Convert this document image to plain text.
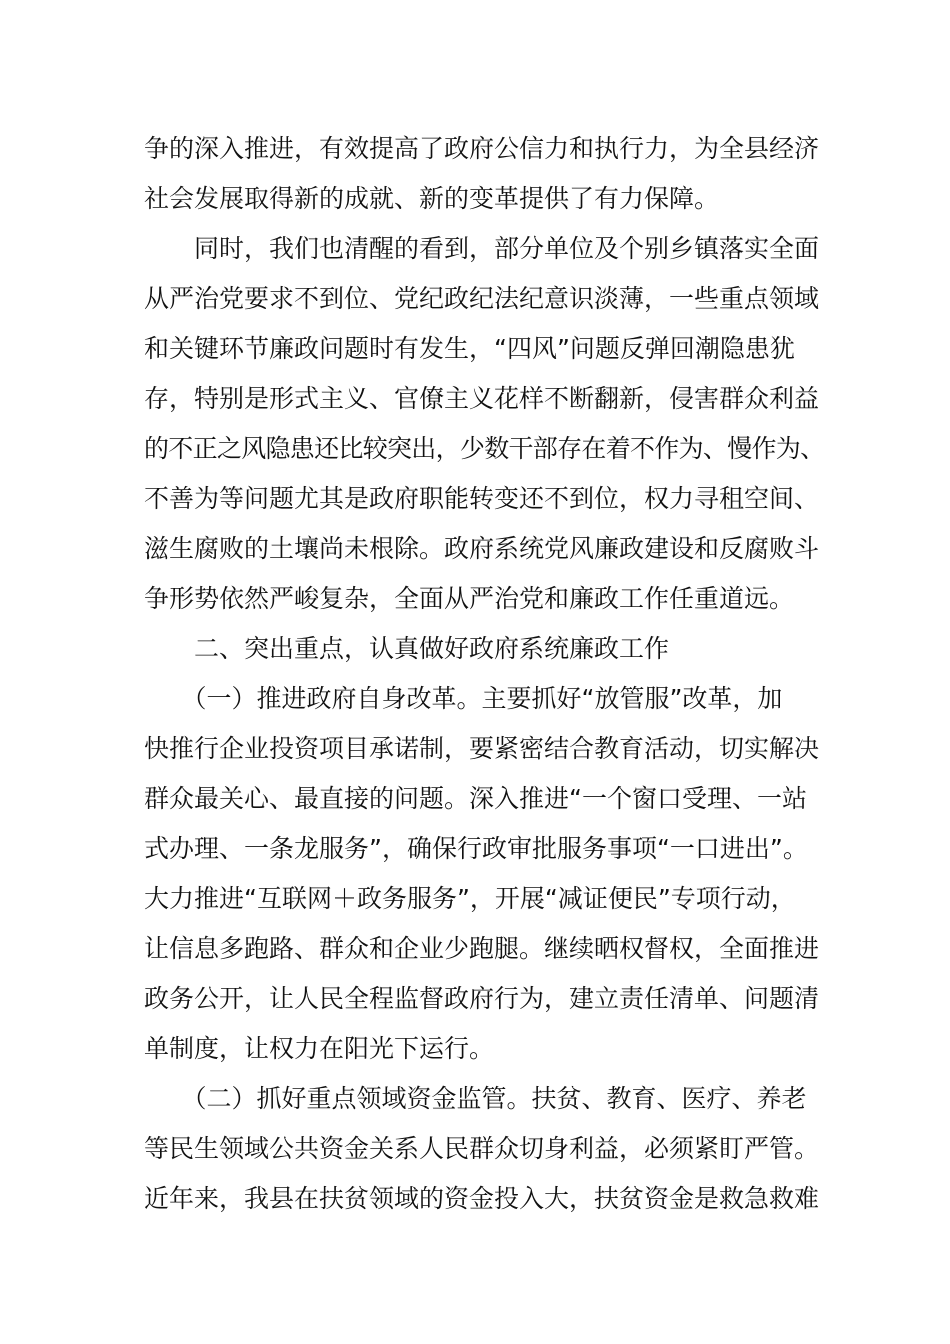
争的深入推进，有效提高了政府公信力和执行力，为全县经济
社会发展取得新的成就、新的变革提供了有力保障。
　　同时，我们也清醒的看到，部分单位及个别乡镇落实全面
从严治党要求不到位、党纪政纪法纪意识淡薄，一些重点领域
和关键环节廉政问题时有发生，“四风”问题反弹回潮隐患犹
存，特别是形式主义、官僚主义花样不断翻新，侵害群众利益
的不正之风隐患还比较突出，少数干部存在着不作为、慢作为、
不善为等问题尤其是政府职能转变还不到位，权力寻租空间、
滋生腐败的土壤尚未根除。政府系统党风廉政建设和反腐败斗
争形势依然严峻复杂，全面从严治党和廉政工作任重道远。
　　二、突出重点，认真做好政府系统廉政工作
　　（一）推进政府自身改革。主要抓好“放管服”改革，加
快推行企业投资项目承诺制，要紧密结合教育活动，切实解决
群众最关心、最直接的问题。深入推进“一个窗口受理、一站
式办理、一条龙服务”，确保行政审批服务事项“一口进出”。
大力推进“互联网＋政务服务”，开展“减证便民”专项行动，
让信息多跑路、群众和企业少跑腿。继续晒权督权，全面推进
政务公开，让人民全程监督政府行为，建立责任清单、问题清
单制度，让权力在阳光下运行。
　　（二）抓好重点领域资金监管。扶贫、教育、医疗、养老
等民生领域公共资金关系人民群众切身利益，必须紧盯严管。
近年来，我县在扶贫领域的资金投入大，扶贫资金是救急救难
